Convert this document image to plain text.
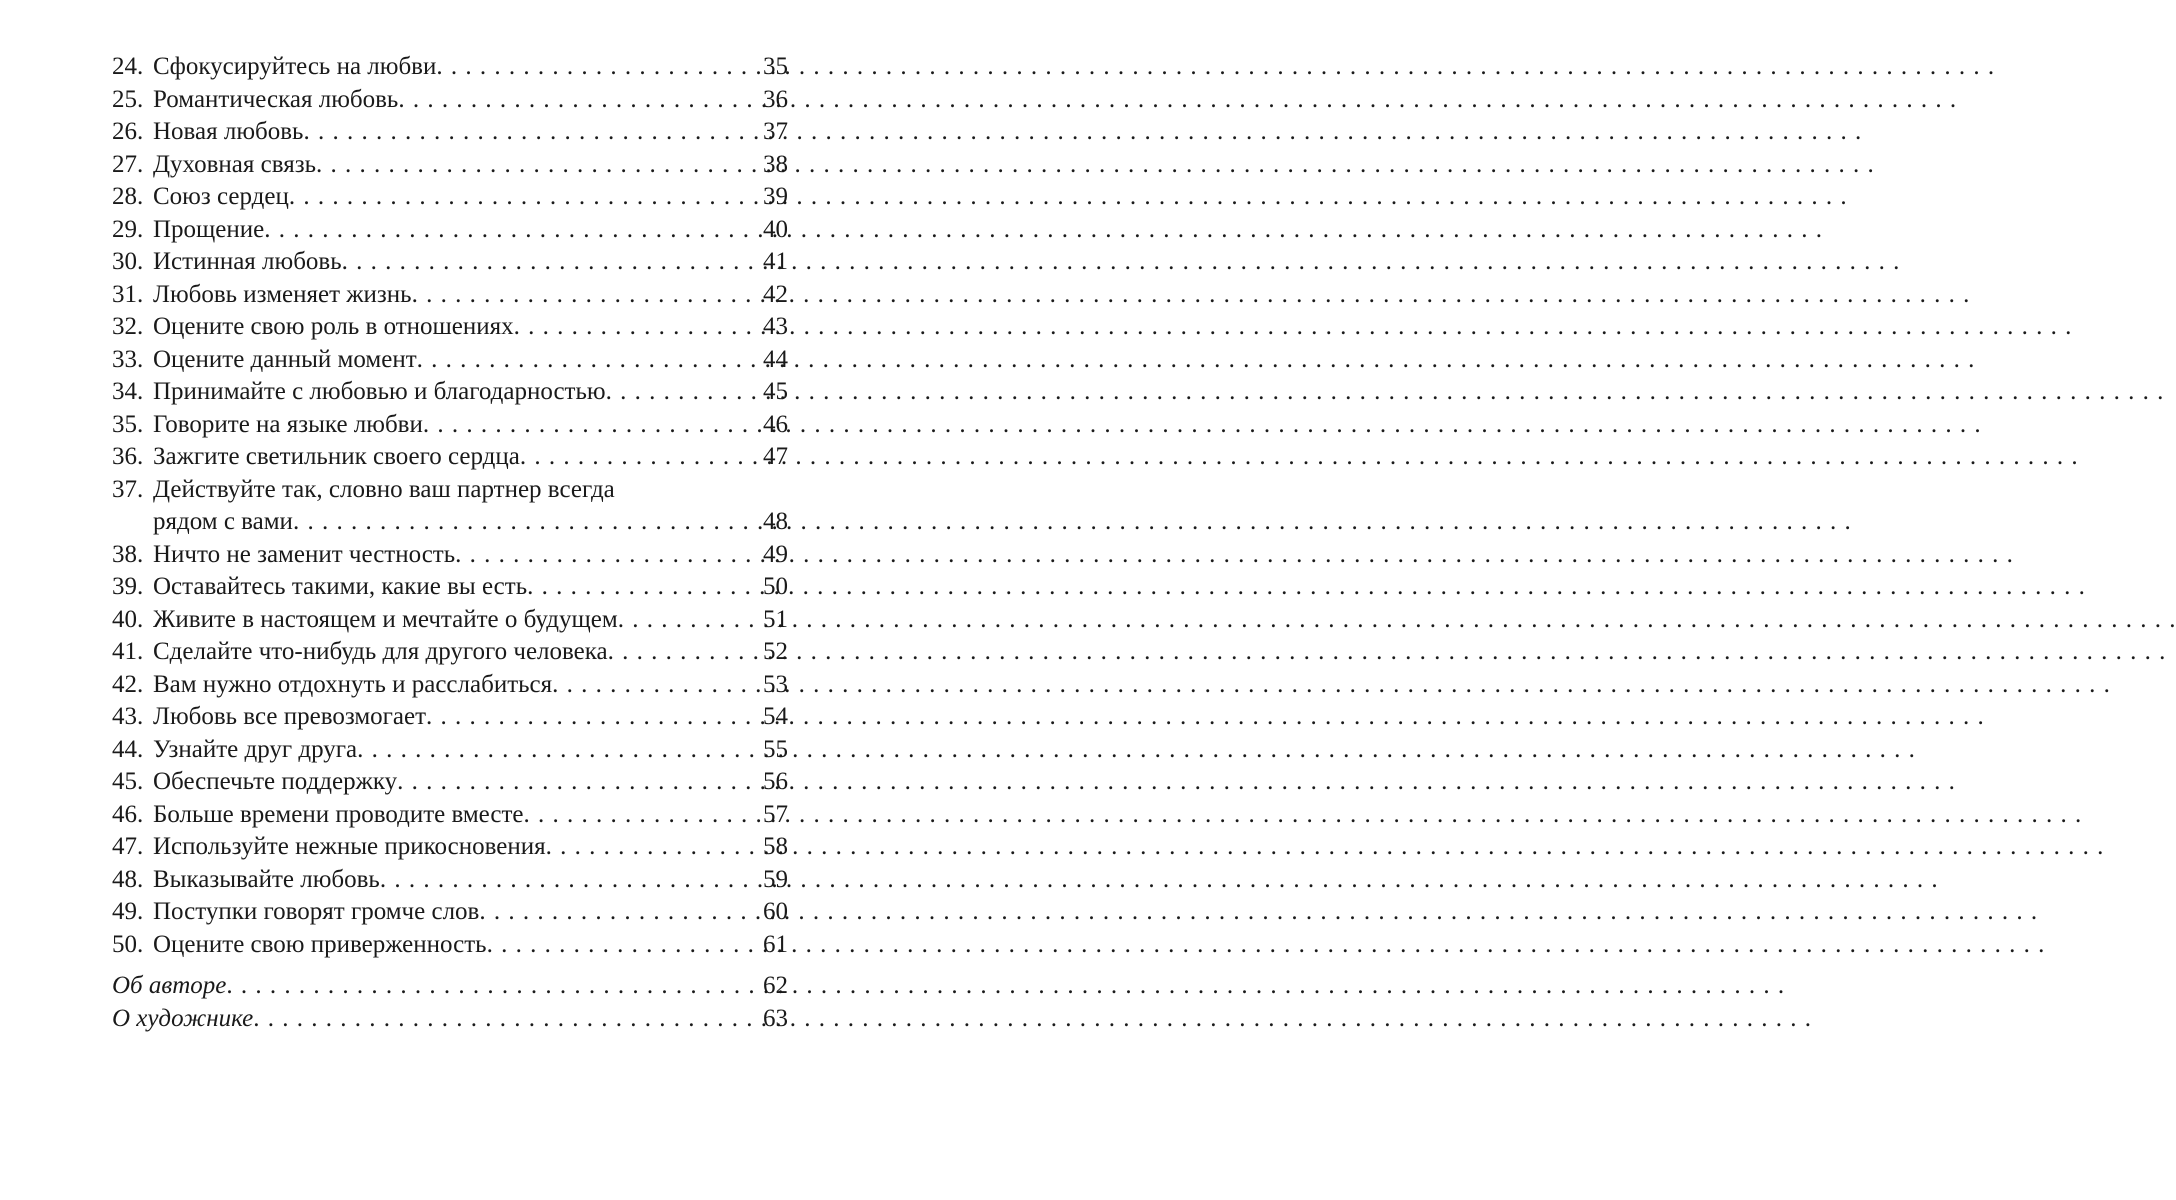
24. Сфокусируйтесь на любви . . .	35
25. Романтическая любовь . . .	36
26. Новая любовь . . .	37
27. Духовная связь . . .	38
28. Союз сердец . . .	39
29. Прощение . . .	40
30. Истинная любовь . . .	41
31. Любовь изменяет жизнь . . .	42
32. Оцените свою роль в отношениях . . .	43
33. Оцените данный момент . . .	44
34. Принимайте с любовью и благодарностью . . .	45
35. Говорите на языке любви . . .	46
36. Зажгите светильник своего сердца . . .	47
37. Действуйте так, словно ваш партнер всегда
рядом с вами . . .	48
38. Ничто не заменит честность . . .	49
39. Оставайтесь такими, какие вы есть . . .	50
40. Живите в настоящем и мечтайте о будущем . . .	51
41. Сделайте что-нибудь для другого человека . . .	52
42. Вам нужно отдохнуть и расслабиться . . .	53
43. Любовь все превозмогает . . .	54
44. Узнайте друг друга . . .	55
45. Обеспечьте поддержку . . .	56
46. Больше времени проводите вместе . . .	57
47. Используйте нежные прикосновения . . .	58
48. Выказывайте любовь . . .	59
49. Поступки говорят громче слов . . .	60
50. Оцените свою приверженность . . .	61
Об авторе . . .	62
О художнике . . .	63
